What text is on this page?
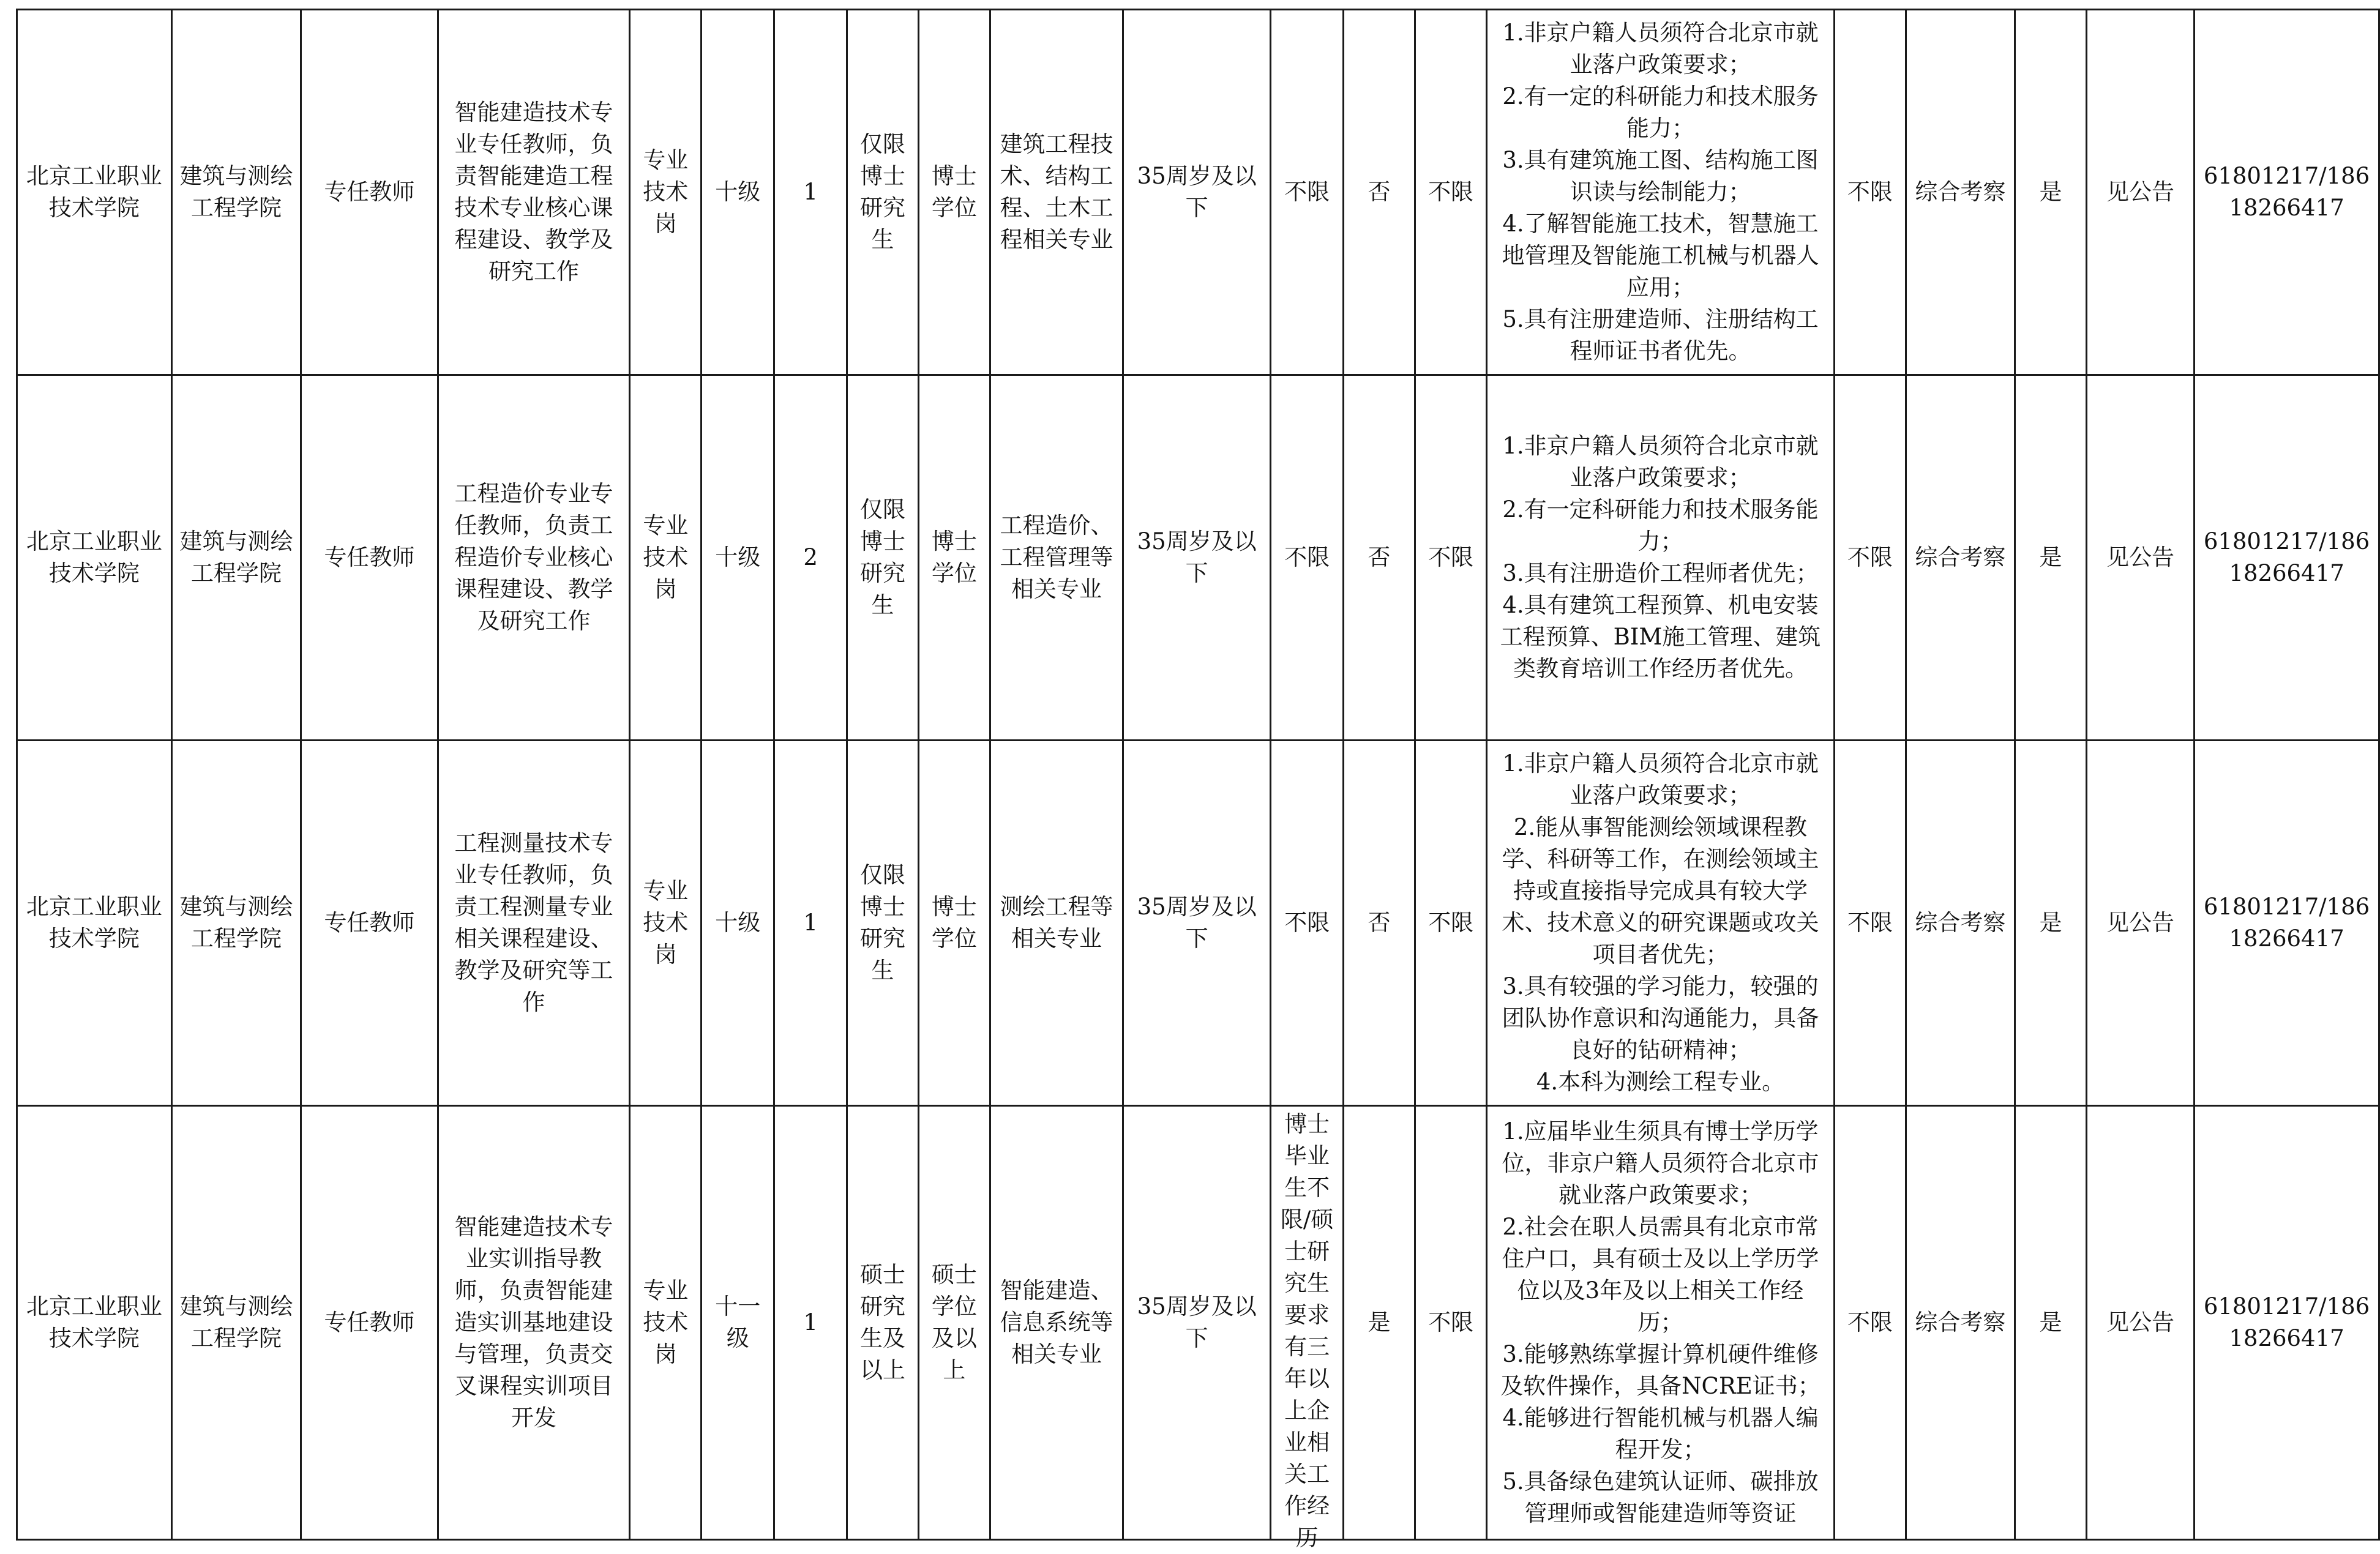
北京工业职业技术学院	建筑与测绘工程学院	专任教师	智能建造技术专业专任教师，负责智能建造工程技术专业核心课程建设、教学及研究工作	专业技术岗	十级	1	仅限博士研究生	博士学位	建筑工程技术、结构工程、土木工程相关专业	35周岁及以下	不限	否	不限	1.非京户籍人员须符合北京市就业落户政策要求；
2.有一定的科研能力和技术服务能力；
3.具有建筑施工图、结构施工图识读与绘制能力；
4.了解智能施工技术，智慧施工地管理及智能施工机械与机器人应用；
5.具有注册建造师、注册结构工程师证书者优先。	不限	综合考察	是	见公告	61801217/18618266417

北京工业职业技术学院	建筑与测绘工程学院	专任教师	工程造价专业专任教师，负责工程造价专业核心课程建设、教学及研究工作	专业技术岗	十级	2	仅限博士研究生	博士学位	工程造价、工程管理等相关专业	35周岁及以下	不限	否	不限	1.非京户籍人员须符合北京市就业落户政策要求；
2.有一定科研能力和技术服务能力；
3.具有注册造价工程师者优先；
4.具有建筑工程预算、机电安装工程预算、BIM施工管理、建筑类教育培训工作经历者优先。	不限	综合考察	是	见公告	61801217/18618266417

北京工业职业技术学院	建筑与测绘工程学院	专任教师	工程测量技术专业专任教师，负责工程测量专业相关课程建设、教学及研究等工作	专业技术岗	十级	1	仅限博士研究生	博士学位	测绘工程等相关专业	35周岁及以下	不限	否	不限	1.非京户籍人员须符合北京市就业落户政策要求；
2.能从事智能测绘领域课程教学、科研等工作，在测绘领域主持或直接指导完成具有较大学术、技术意义的研究课题或攻关项目者优先；
3.具有较强的学习能力，较强的团队协作意识和沟通能力，具备良好的钻研精神；
4.本科为测绘工程专业。	不限	综合考察	是	见公告	61801217/18618266417

北京工业职业技术学院	建筑与测绘工程学院	专任教师	智能建造技术专业实训指导教师，负责智能建造实训基地建设与管理，负责交叉课程实训项目开发	专业技术岗	十一级	1	硕士研究生及以上	硕士学位及以上	智能建造、信息系统等相关专业	35周岁及以下	博士毕业生不限/硕士研究生要求有三年以上企业相关工作经历	是	不限	1.应届毕业生须具有博士学历学位，非京户籍人员须符合北京市就业落户政策要求；
2.社会在职人员需具有北京市常住户口，具有硕士及以上学历学位以及3年及以上相关工作经历；
3.能够熟练掌握计算机硬件维修及软件操作，具备NCRE证书；
4.能够进行智能机械与机器人编程开发；
5.具备绿色建筑认证师、碳排放管理师或智能建造师等资证	不限	综合考察	是	见公告	61801217/18618266417
